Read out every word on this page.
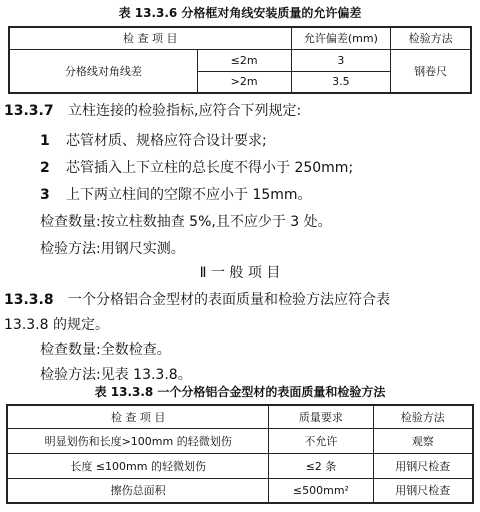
表 13.3.6 分格框对角线安装质量的允许偏差
检 查 项 目		允许偏差(mm)	检验方法
分格线对角线差	≤2m	3	钢卷尺
	>2m	3.5	
13.3.7 立柱连接的检验指标,应符合下列规定:
1 芯管材质、规格应符合设计要求;
2 芯管插入上下立柱的总长度不得小于 250mm;
3 上下两立柱间的空隙不应小于 15mm。
检查数量:按立柱数抽查 5%,且不应少于 3 处。
检验方法:用钢尺实测。
Ⅱ 一 般 项 目
13.3.8 一个分格铝合金型材的表面质量和检验方法应符合表
13.3.8 的规定。
检查数量:全数检查。
检验方法:见表 13.3.8。
表 13.3.8 一个分格铝合金型材的表面质量和检验方法
检 查 项 目	质量要求	检验方法
明显划伤和长度>100mm 的轻微划伤	不允许	观察
长度 ≤100mm 的轻微划伤	≤2 条	用钢尺检查
擦伤总面积	≤500mm²	用钢尺检查
